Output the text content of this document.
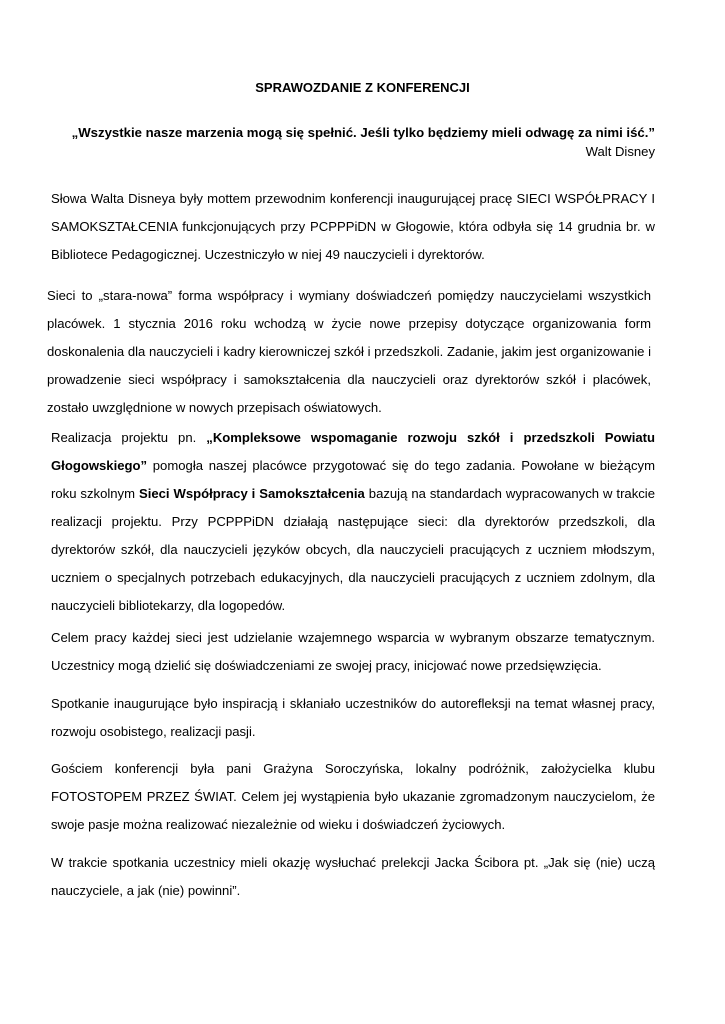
SPRAWOZDANIE Z KONFERENCJI
„Wszystkie nasze marzenia mogą się spełnić. Jeśli tylko będziemy mieli odwagę za nimi iść.”
Walt Disney

Słowa Walta Disneya były mottem przewodnim konferencji inaugurującej pracę SIECI WSPÓŁPRACY I SAMOKSZTAŁCENIA funkcjonujących przy PCPPPiDN w Głogowie, która odbyła się 14 grudnia br. w Bibliotece Pedagogicznej. Uczestniczyło w niej 49 nauczycieli i dyrektorów.

Sieci to „stara-nowa” forma współpracy i wymiany doświadczeń pomiędzy nauczycielami wszystkich placówek. 1 stycznia 2016 roku wchodzą w życie nowe przepisy dotyczące organizowania form doskonalenia dla nauczycieli i kadry kierowniczej szkół i przedszkoli. Zadanie, jakim jest organizowanie i prowadzenie sieci współpracy i samokształcenia dla nauczycieli oraz dyrektorów szkół i placówek, zostało uwzględnione w nowych przepisach oświatowych.

Realizacja projektu pn. „Kompleksowe wspomaganie rozwoju szkół i przedszkoli Powiatu Głogowskiego” pomogła naszej placówce przygotować się do tego zadania. Powołane w bieżącym roku szkolnym Sieci Współpracy i Samokształcenia bazują na standardach wypracowanych w trakcie realizacji projektu. Przy PCPPPiDN działają następujące sieci: dla dyrektorów przedszkoli, dla dyrektorów szkół, dla nauczycieli języków obcych, dla nauczycieli pracujących z uczniem młodszym, uczniem o specjalnych potrzebach edukacyjnych, dla nauczycieli pracujących z uczniem zdolnym, dla nauczycieli bibliotekarzy, dla logopedów.

Celem pracy każdej sieci jest udzielanie wzajemnego wsparcia w wybranym obszarze tematycznym. Uczestnicy mogą dzielić się doświadczeniami ze swojej pracy, inicjować nowe przedsięwzięcia.

Spotkanie inaugurujące było inspiracją i skłaniało uczestników do autorefleksji na temat własnej pracy, rozwoju osobistego, realizacji pasji.

Gościem konferencji była pani Grażyna Soroczyńska, lokalny podróżnik, założycielka klubu FOTOSTOPEM PRZEZ ŚWIAT. Celem jej wystąpienia było ukazanie zgromadzonym nauczycielom, że swoje pasje można realizować niezależnie od wieku i doświadczeń życiowych.

W trakcie spotkania uczestnicy mieli okazję wysłuchać prelekcji Jacka Ścibora pt. „Jak się (nie) uczą nauczyciele, a jak (nie) powinni”.
